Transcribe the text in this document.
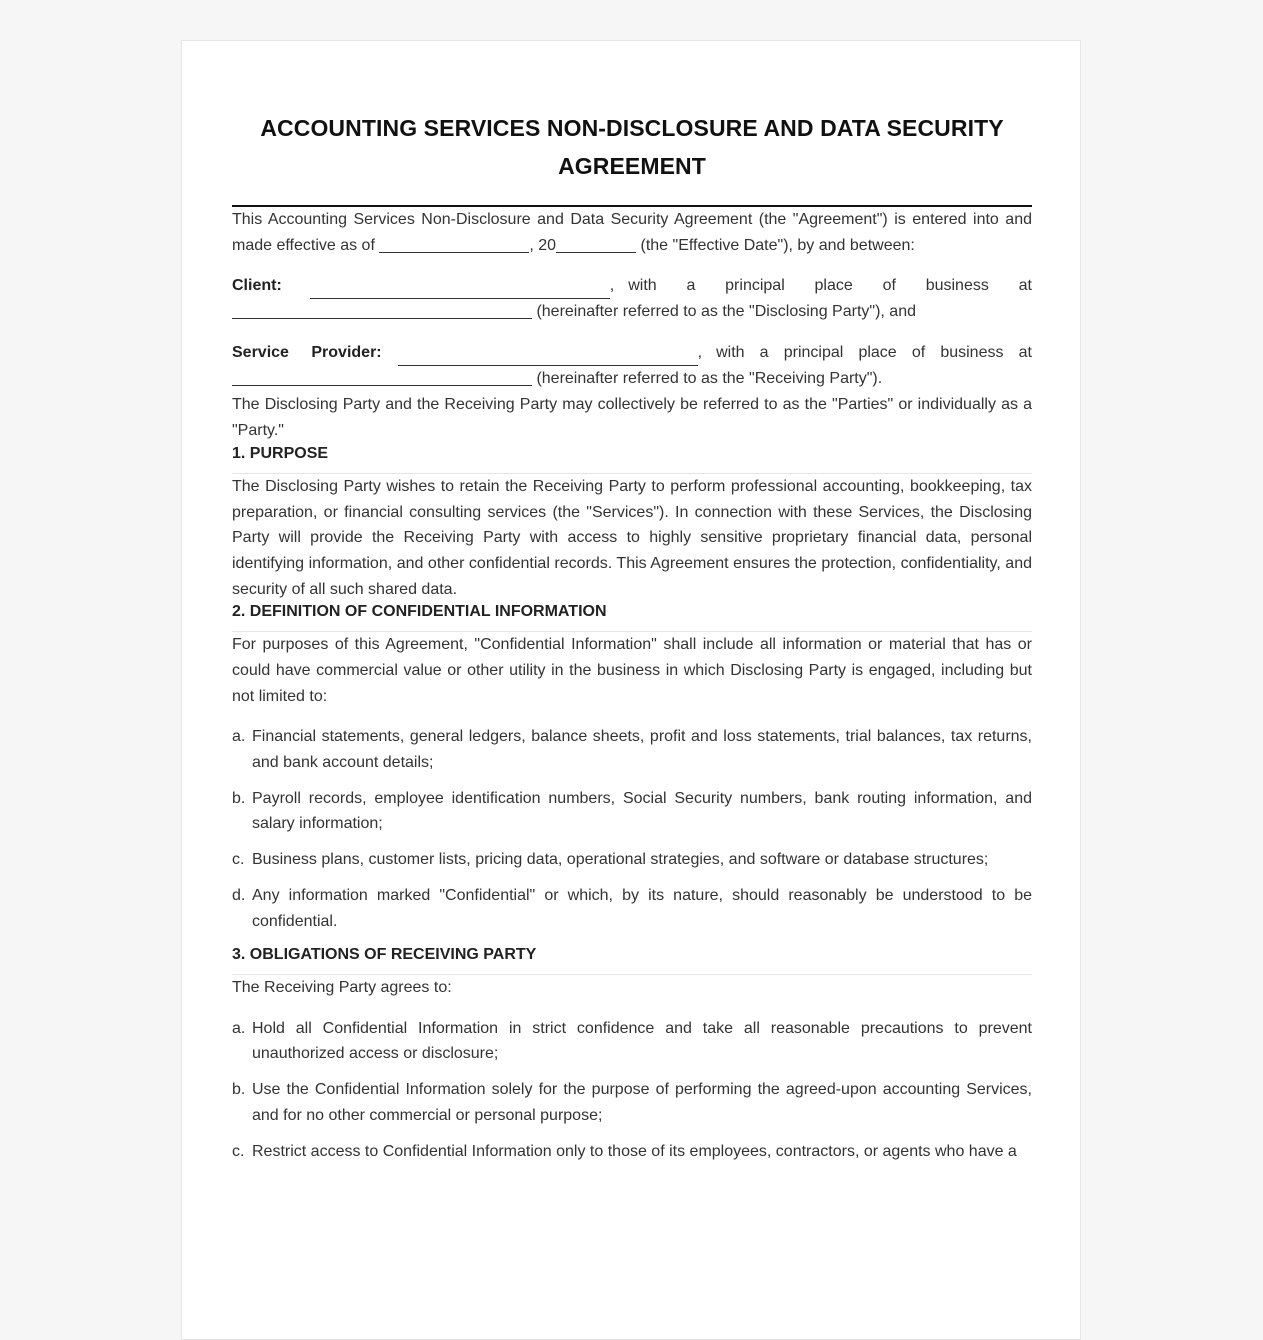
ACCOUNTING SERVICES NON-DISCLOSURE AND DATA SECURITY AGREEMENT

This Accounting Services Non-Disclosure and Data Security Agreement (the "Agreement") is entered into and made effective as of	, 20	(the "Effective Date"), by and between:

Client:	, with a principal place of business at
(hereinafter referred to as the "Disclosing Party"), and
Service Provider:	, with a principal place of business at
(hereinafter referred to as the "Receiving Party").

The Disclosing Party and the Receiving Party may collectively be referred to as the "Parties" or individually as a "Party."

1. PURPOSE

The Disclosing Party wishes to retain the Receiving Party to perform professional accounting, bookkeeping, tax preparation, or financial consulting services (the "Services"). In connection with these Services, the Disclosing Party will provide the Receiving Party with access to highly sensitive proprietary financial data, personal identifying information, and other confidential records. This Agreement ensures the protection, confidentiality, and security of all such shared data.

2. DEFINITION OF CONFIDENTIAL INFORMATION

For purposes of this Agreement, "Confidential Information" shall include all information or material that has or could have commercial value or other utility in the business in which Disclosing Party is engaged, including but not limited to:

a. Financial statements, general ledgers, balance sheets, profit and loss statements, trial balances, tax returns, and bank account details;
b. Payroll records, employee identification numbers, Social Security numbers, bank routing information, and salary information;
c. Business plans, customer lists, pricing data, operational strategies, and software or database structures;
d. Any information marked "Confidential" or which, by its nature, should reasonably be understood to be confidential.
3. OBLIGATIONS OF RECEIVING PARTY

The Receiving Party agrees to:

a. Hold all Confidential Information in strict confidence and take all reasonable precautions to prevent unauthorized access or disclosure;
b. Use the Confidential Information solely for the purpose of performing the agreed-upon accounting Services, and for no other commercial or personal purpose;
c. Restrict access to Confidential Information only to those of its employees, contractors, or agents who have a
